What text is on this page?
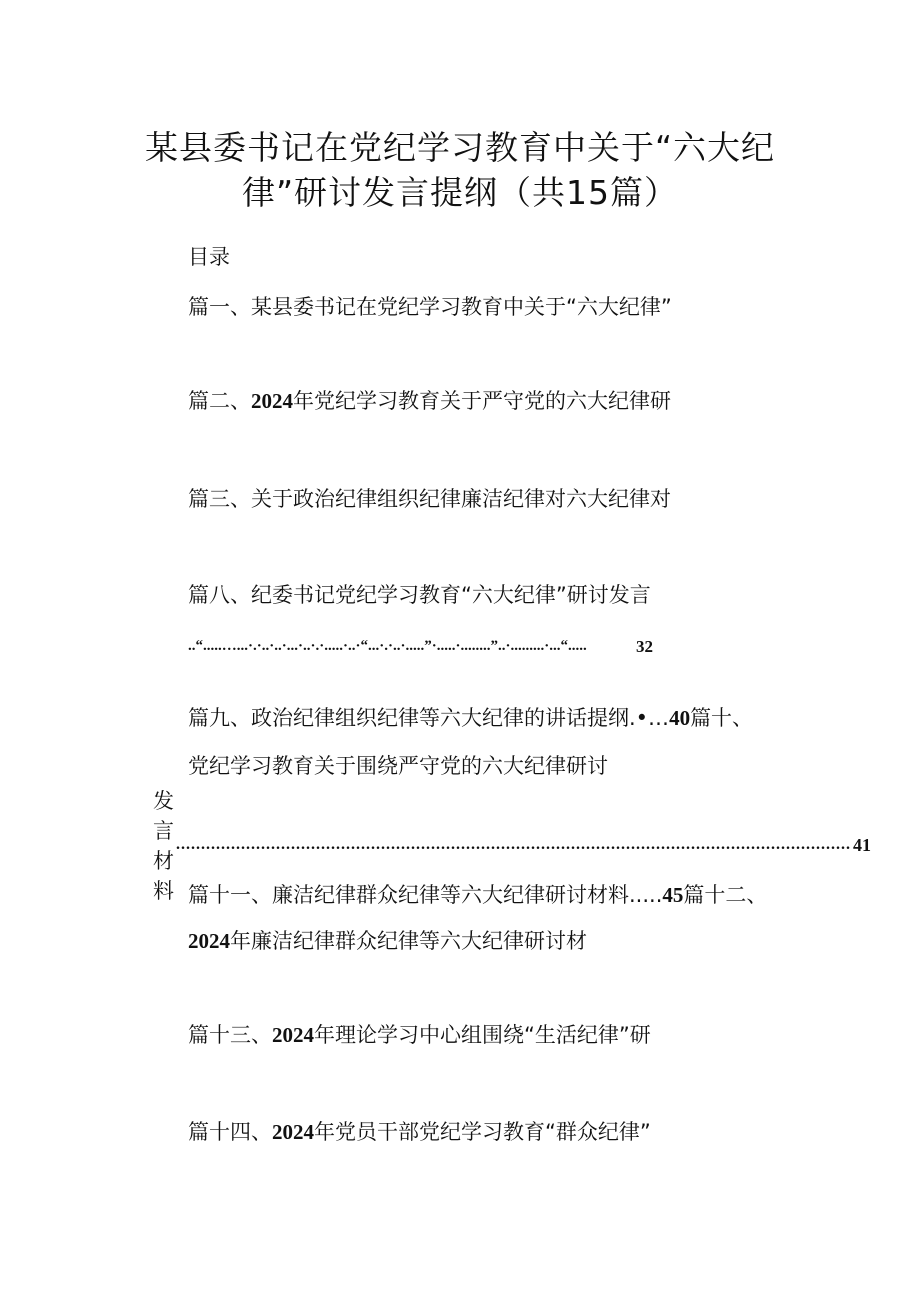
某县委书记在党纪学习教育中关于“六大纪
律”研讨发言提纲（共15篇）
目录
篇一、某县委书记在党纪学习教育中关于“六大纪律”
篇二、2024年党纪学习教育关于严守党的六大纪律研
篇三、关于政治纪律组织纪律廉洁纪律对六大纪律对
篇八、纪委书记党纪学习教育“六大纪律”研讨发言
..“.....…...·.·..·..·...·..·.·.....·..·“...·.·..·.....”·.....·........”..·.........·...“.....	32
篇九、政治纪律组织纪律等六大纪律的讲话提纲.•…40篇十、
党纪学习教育关于围绕严守党的六大纪律研讨
发言材料
....................................................................................................................................... 41
篇十一、廉洁纪律群众纪律等六大纪律研讨材料.....45篇十二、
2024年廉洁纪律群众纪律等六大纪律研讨材
篇十三、2024年理论学习中心组围绕“生活纪律”研
篇十四、2024年党员干部党纪学习教育“群众纪律”
